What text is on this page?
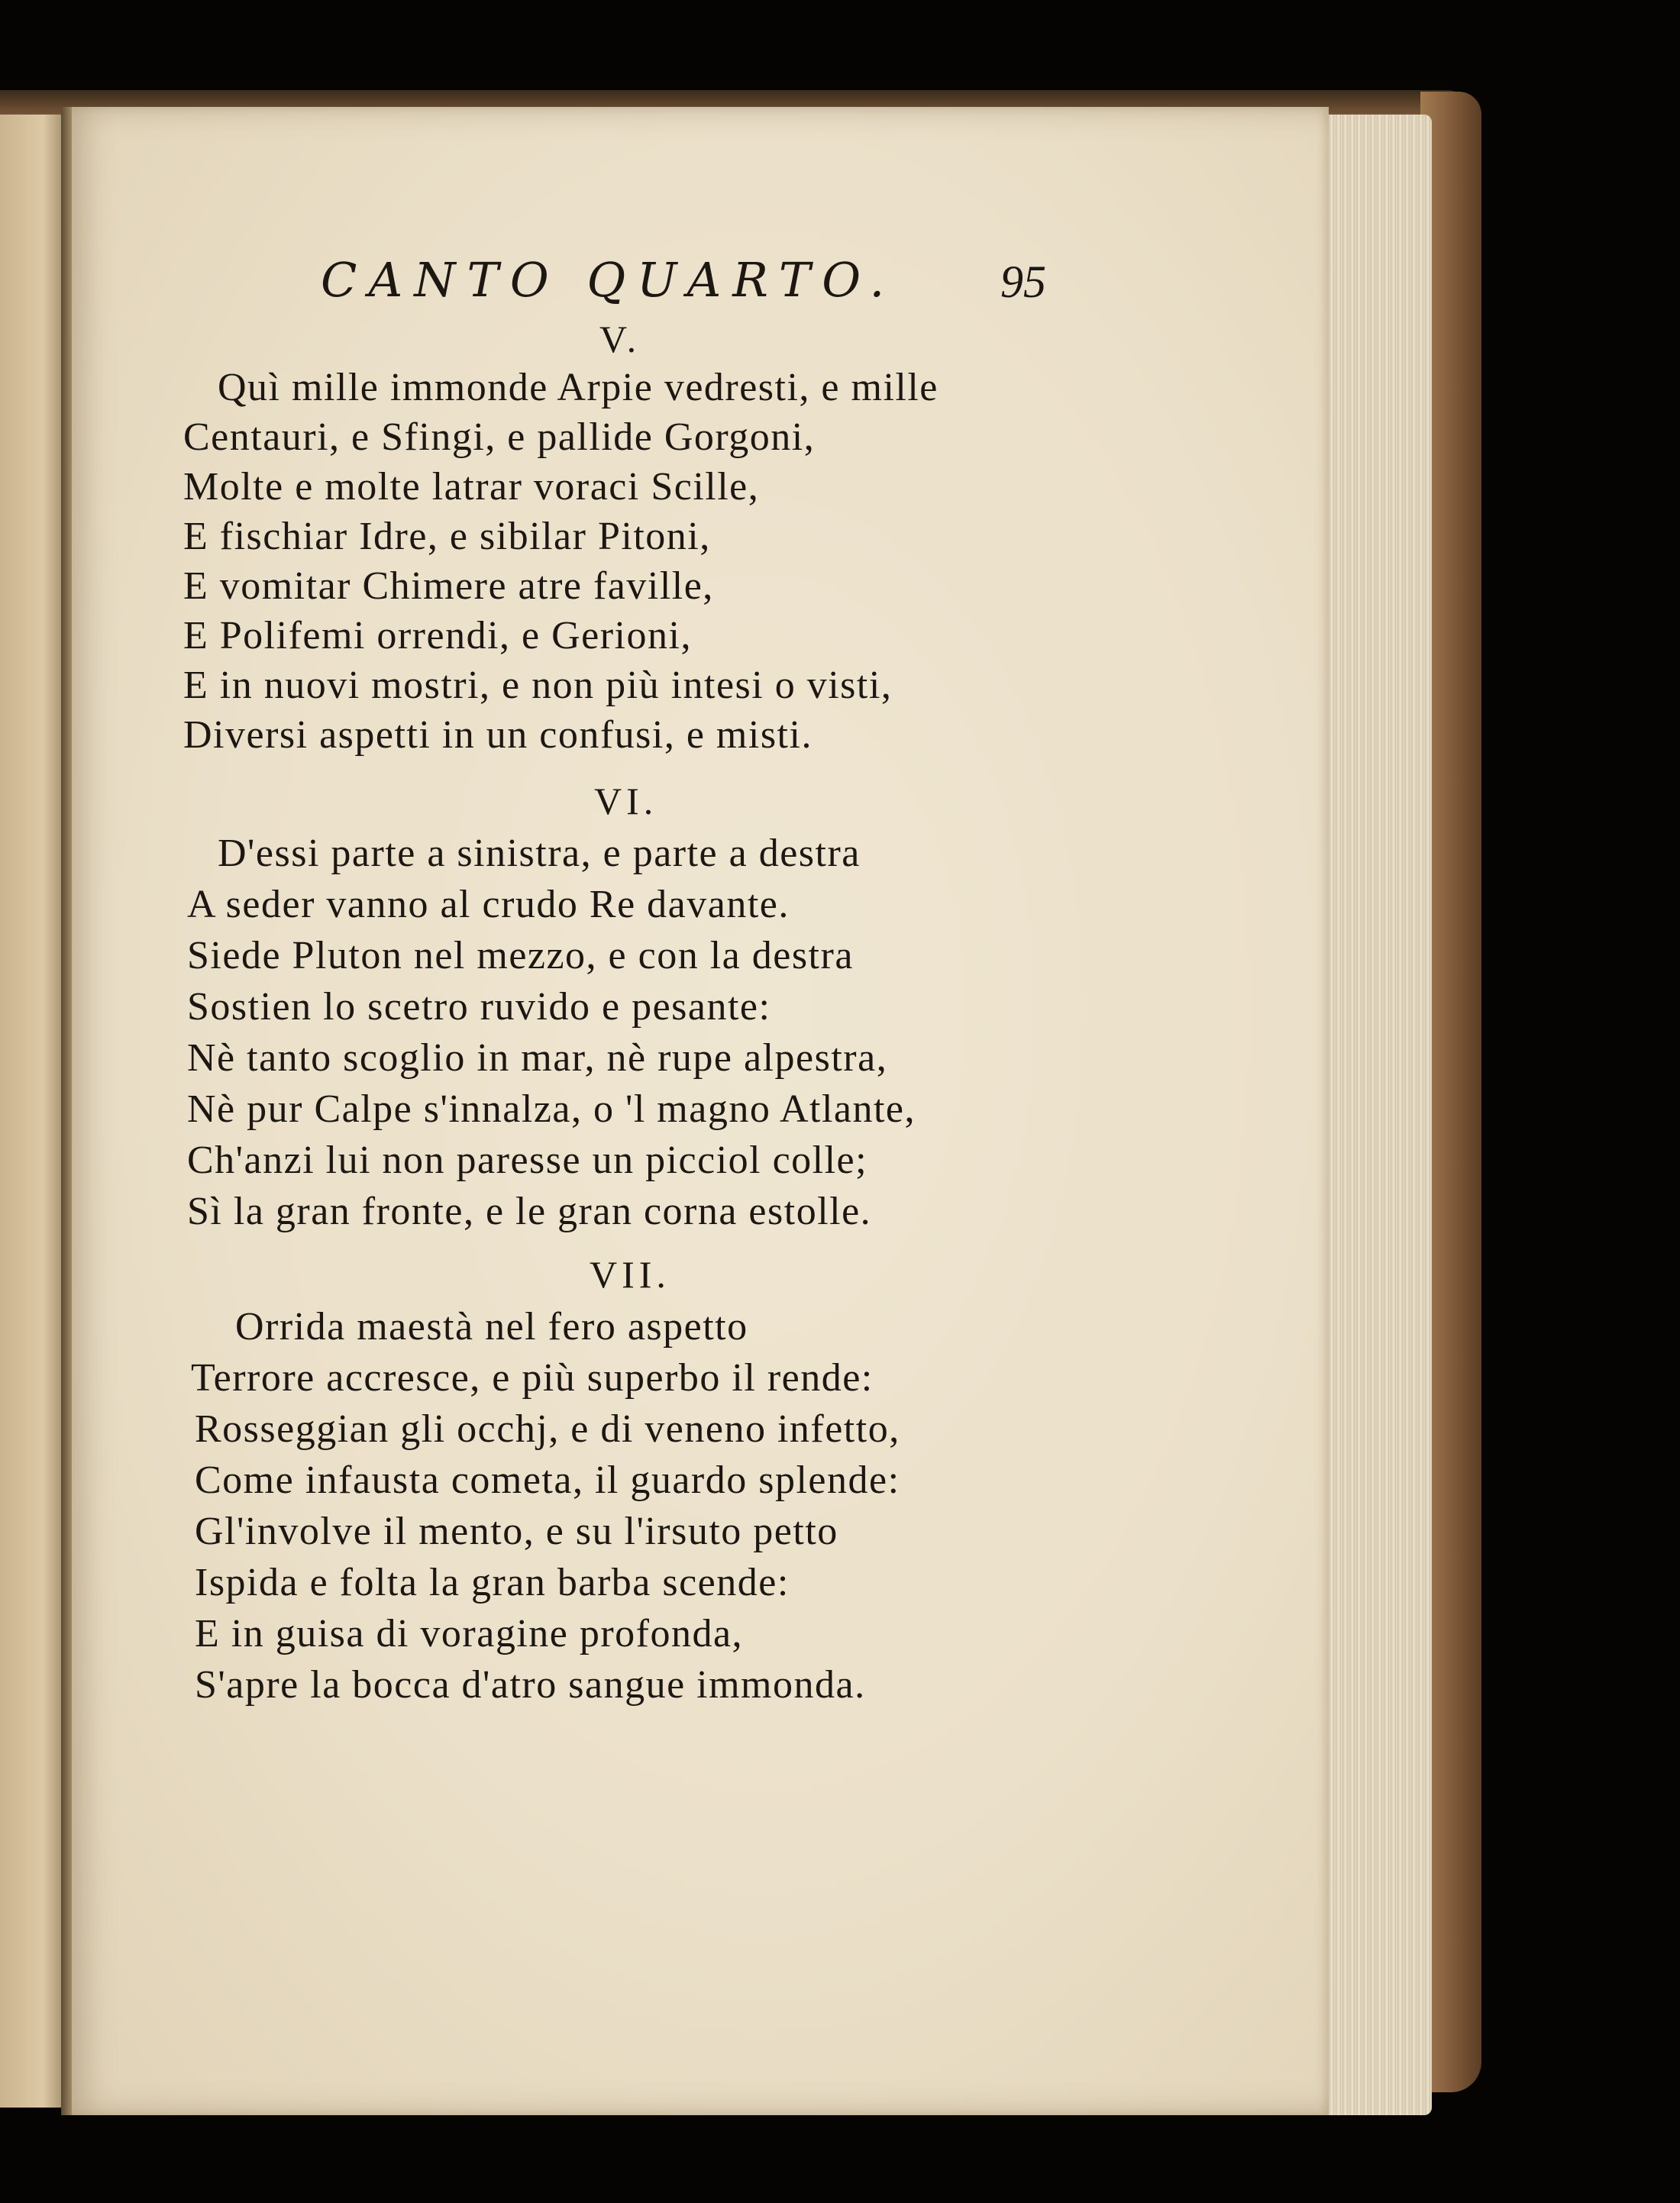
CANTO QUARTO. 95
V.
Quì mille immonde Arpie vedresti, e mille
Centauri, e Sfingi, e pallide Gorgoni,
Molte e molte latrar voraci Scille,
E fischiar Idre, e sibilar Pitoni,
E vomitar Chimere atre faville,
E Polifemi orrendi, e Gerioni,
E in nuovi mostri, e non più intesi o visti,
Diversi aspetti in un confusi, e misti.
VI.
D'essi parte a sinistra, e parte a destra
A seder vanno al crudo Re davante.
Siede Pluton nel mezzo, e con la destra
Sostien lo scetro ruvido e pesante:
Nè tanto scoglio in mar, nè rupe alpestra,
Nè pur Calpe s'innalza, o 'l magno Atlante,
Ch'anzi lui non paresse un picciol colle;
Sì la gran fronte, e le gran corna estolle.
VII.
Orrida maestà nel fero aspetto
Terrore accresce, e più superbo il rende:
Rosseggian gli occhj, e di veneno infetto,
Come infausta cometa, il guardo splende:
Gl'involve il mento, e su l'irsuto petto
Ispida e folta la gran barba scende:
E in guisa di voragine profonda,
S'apre la bocca d'atro sangue immonda.
